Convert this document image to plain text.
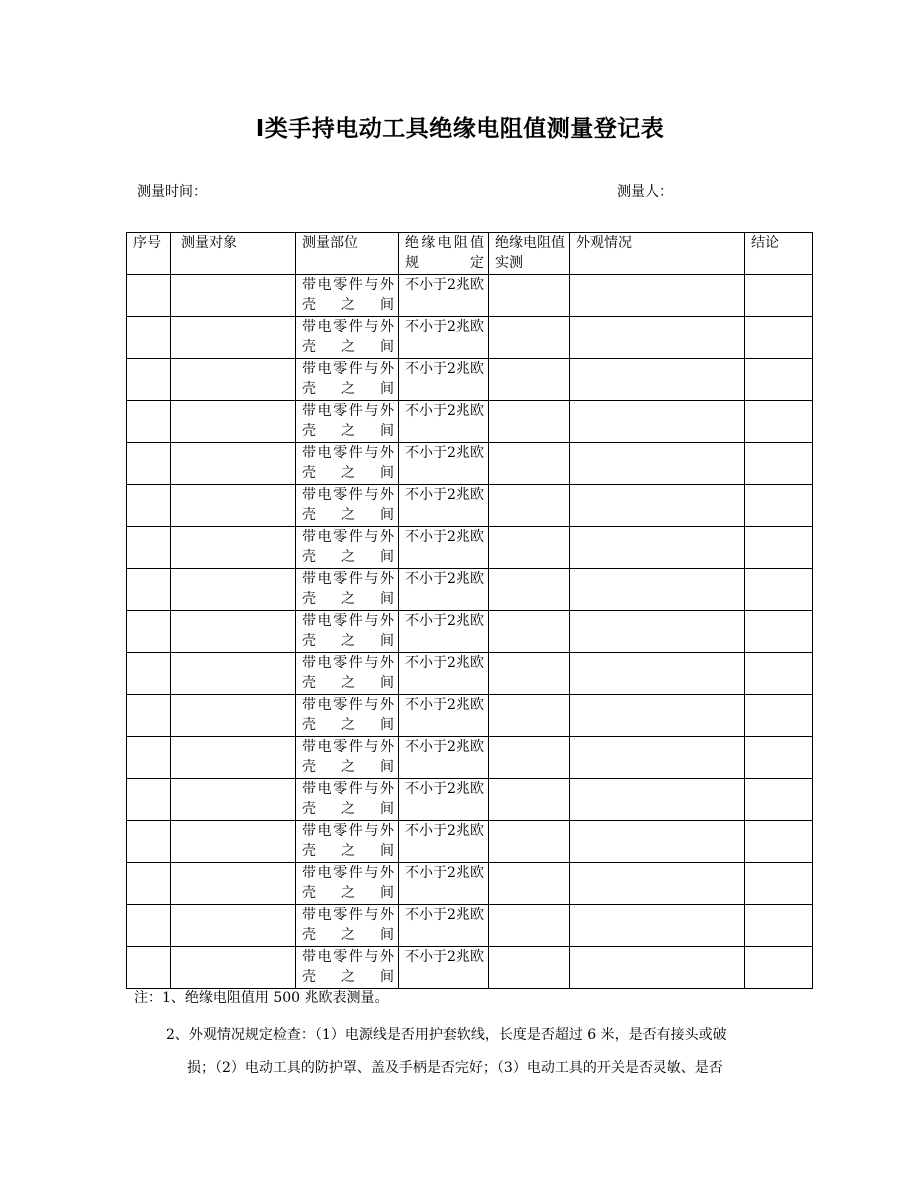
Ⅰ类手持电动工具绝缘电阻值测量登记表
测量时间：	测量人：
序号	测量对象	测量部位	绝缘电阻值规定	绝缘电阻值实测	外观情况	结论

		带电零件与外壳之间	不小于2兆欧			

		带电零件与外壳之间	不小于2兆欧			

		带电零件与外壳之间	不小于2兆欧			

		带电零件与外壳之间	不小于2兆欧			

		带电零件与外壳之间	不小于2兆欧			

		带电零件与外壳之间	不小于2兆欧			

		带电零件与外壳之间	不小于2兆欧			

		带电零件与外壳之间	不小于2兆欧			

		带电零件与外壳之间	不小于2兆欧			

		带电零件与外壳之间	不小于2兆欧			

		带电零件与外壳之间	不小于2兆欧			

		带电零件与外壳之间	不小于2兆欧			

		带电零件与外壳之间	不小于2兆欧			

		带电零件与外壳之间	不小于2兆欧			

		带电零件与外壳之间	不小于2兆欧			

		带电零件与外壳之间	不小于2兆欧			

		带电零件与外壳之间	不小于2兆欧			

注：1、绝缘电阻值用 500 兆欧表测量。
2、外观情况规定检查：（1）电源线是否用护套软线，长度是否超过 6 米，是否有接头或破
损；（2）电动工具的防护罩、盖及手柄是否完好；（3）电动工具的开关是否灵敏、是否
